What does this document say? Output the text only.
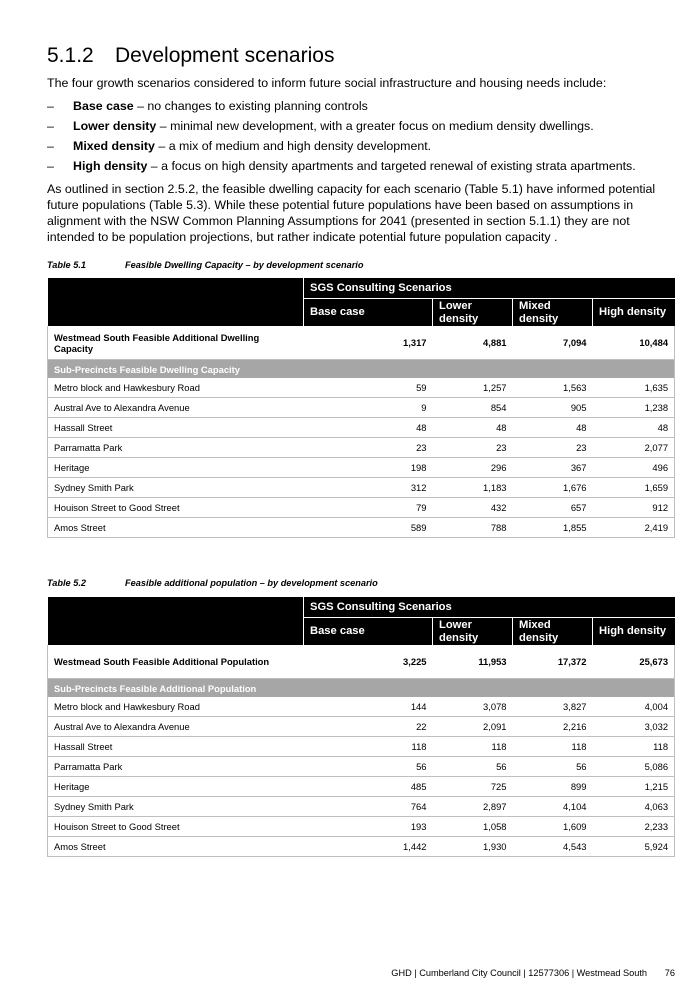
5.1.2 Development scenarios
The four growth scenarios considered to inform future social infrastructure and housing needs include:
– Base case – no changes to existing planning controls
– Lower density – minimal new development, with a greater focus on medium density dwellings.
– Mixed density – a mix of medium and high density development.
– High density – a focus on high density apartments and targeted renewal of existing strata apartments.
As outlined in section 2.5.2, the feasible dwelling capacity for each scenario (Table 5.1) have informed potential future populations (Table 5.3). While these potential future populations have been based on assumptions in alignment with the NSW Common Planning Assumptions for 2041 (presented in section 5.1.1) they are not intended to be population projections, but rather indicate potential future population capacity .
Table 5.1	Feasible Dwelling Capacity – by development scenario
	SGS Consulting Scenarios			
	Base case	Lower density	Mixed density	High density
Westmead South Feasible Additional Dwelling Capacity	1,317	4,881	7,094	10,484
Sub-Precincts Feasible Dwelling Capacity				
Metro block and Hawkesbury Road	59	1,257	1,563	1,635
Austral Ave to Alexandra Avenue	9	854	905	1,238
Hassall Street	48	48	48	48
Parramatta Park	23	23	23	2,077
Heritage	198	296	367	496
Sydney Smith Park	312	1,183	1,676	1,659
Houison Street to Good Street	79	432	657	912
Amos Street	589	788	1,855	2,419
Table 5.2	Feasible additional population – by development scenario
	SGS Consulting Scenarios			
	Base case	Lower density	Mixed density	High density
Westmead South Feasible Additional Population	3,225	11,953	17,372	25,673
Sub-Precincts Feasible Additional Population				
Metro block and Hawkesbury Road	144	3,078	3,827	4,004
Austral Ave to Alexandra Avenue	22	2,091	2,216	3,032
Hassall Street	118	118	118	118
Parramatta Park	56	56	56	5,086
Heritage	485	725	899	1,215
Sydney Smith Park	764	2,897	4,104	4,063
Houison Street to Good Street	193	1,058	1,609	2,233
Amos Street	1,442	1,930	4,543	5,924
GHD | Cumberland City Council | 12577306 | Westmead South 76
